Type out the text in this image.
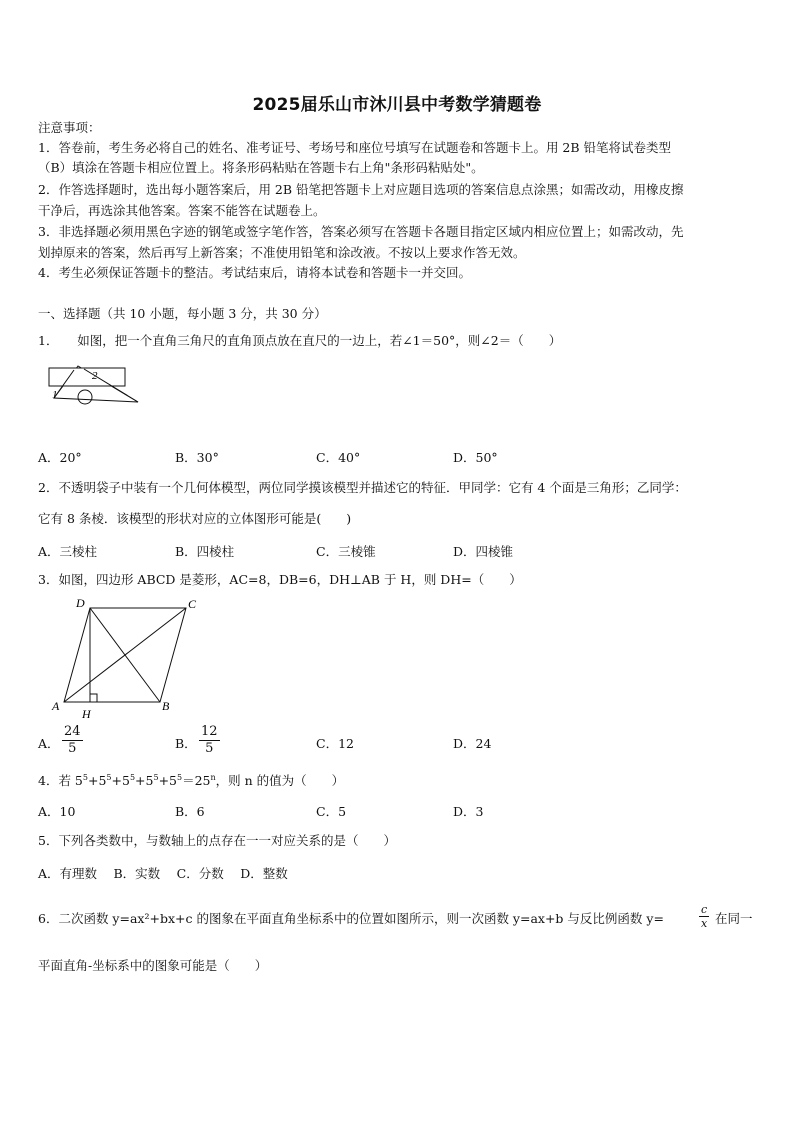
2025届乐山市沐川县中考数学猜题卷
注意事项：
1．答卷前，考生务必将自己的姓名、准考证号、考场号和座位号填写在试题卷和答题卡上。用 2B 铅笔将试卷类型
（B）填涂在答题卡相应位置上。将条形码粘贴在答题卡右上角"条形码粘贴处"。
2．作答选择题时，选出每小题答案后，用 2B 铅笔把答题卡上对应题目选项的答案信息点涂黑；如需改动，用橡皮擦
干净后，再选涂其他答案。答案不能答在试题卷上。
3．非选择题必须用黑色字迹的钢笔或签字笔作答，答案必须写在答题卡各题目指定区域内相应位置上；如需改动，先
划掉原来的答案，然后再写上新答案；不准使用铅笔和涂改液。不按以上要求作答无效。
4．考生必须保证答题卡的整洁。考试结束后，请将本试卷和答题卡一并交回。
一、选择题（共 10 小题，每小题 3 分，共 30 分）
1．　　如图，把一个直角三角尺的直角顶点放在直尺的一边上，若∠1＝50°，则∠2＝（　　）
2
1
A．20°	B．30°	C．40°	D．50°
2．不透明袋子中装有一个几何体模型，两位同学摸该模型并描述它的特征．甲同学：它有 4 个面是三角形；乙同学：
它有 8 条棱．该模型的形状对应的立体图形可能是(　　)
A．三棱柱	B．四棱柱	C．三棱锥	D．四棱锥
3．如图，四边形 ABCD 是菱形，AC=8，DB=6，DH⊥AB 于 H，则 DH=（　　）
D	C
A	B
H
A． $\frac{24}{5}$	B． $\frac{12}{5}$	C．12	D．24
4．若 $5^5+5^5+5^5+5^5+5^5=25^n$，则 n 的值为（　　）
A．10	B．6	C．5	D．3
5．下列各类数中，与数轴上的点存在一一对应关系的是（　　）
A．有理数　 B．实数　 C．分数　 D．整数
6．二次函数 y=ax²+bx+c 的图象在平面直角坐标系中的位置如图所示，则一次函数 y=ax+b 与反比例函数 y=	$\frac{c}{x}$ 在同一
平面直角‐坐标系中的图象可能是（　　）
